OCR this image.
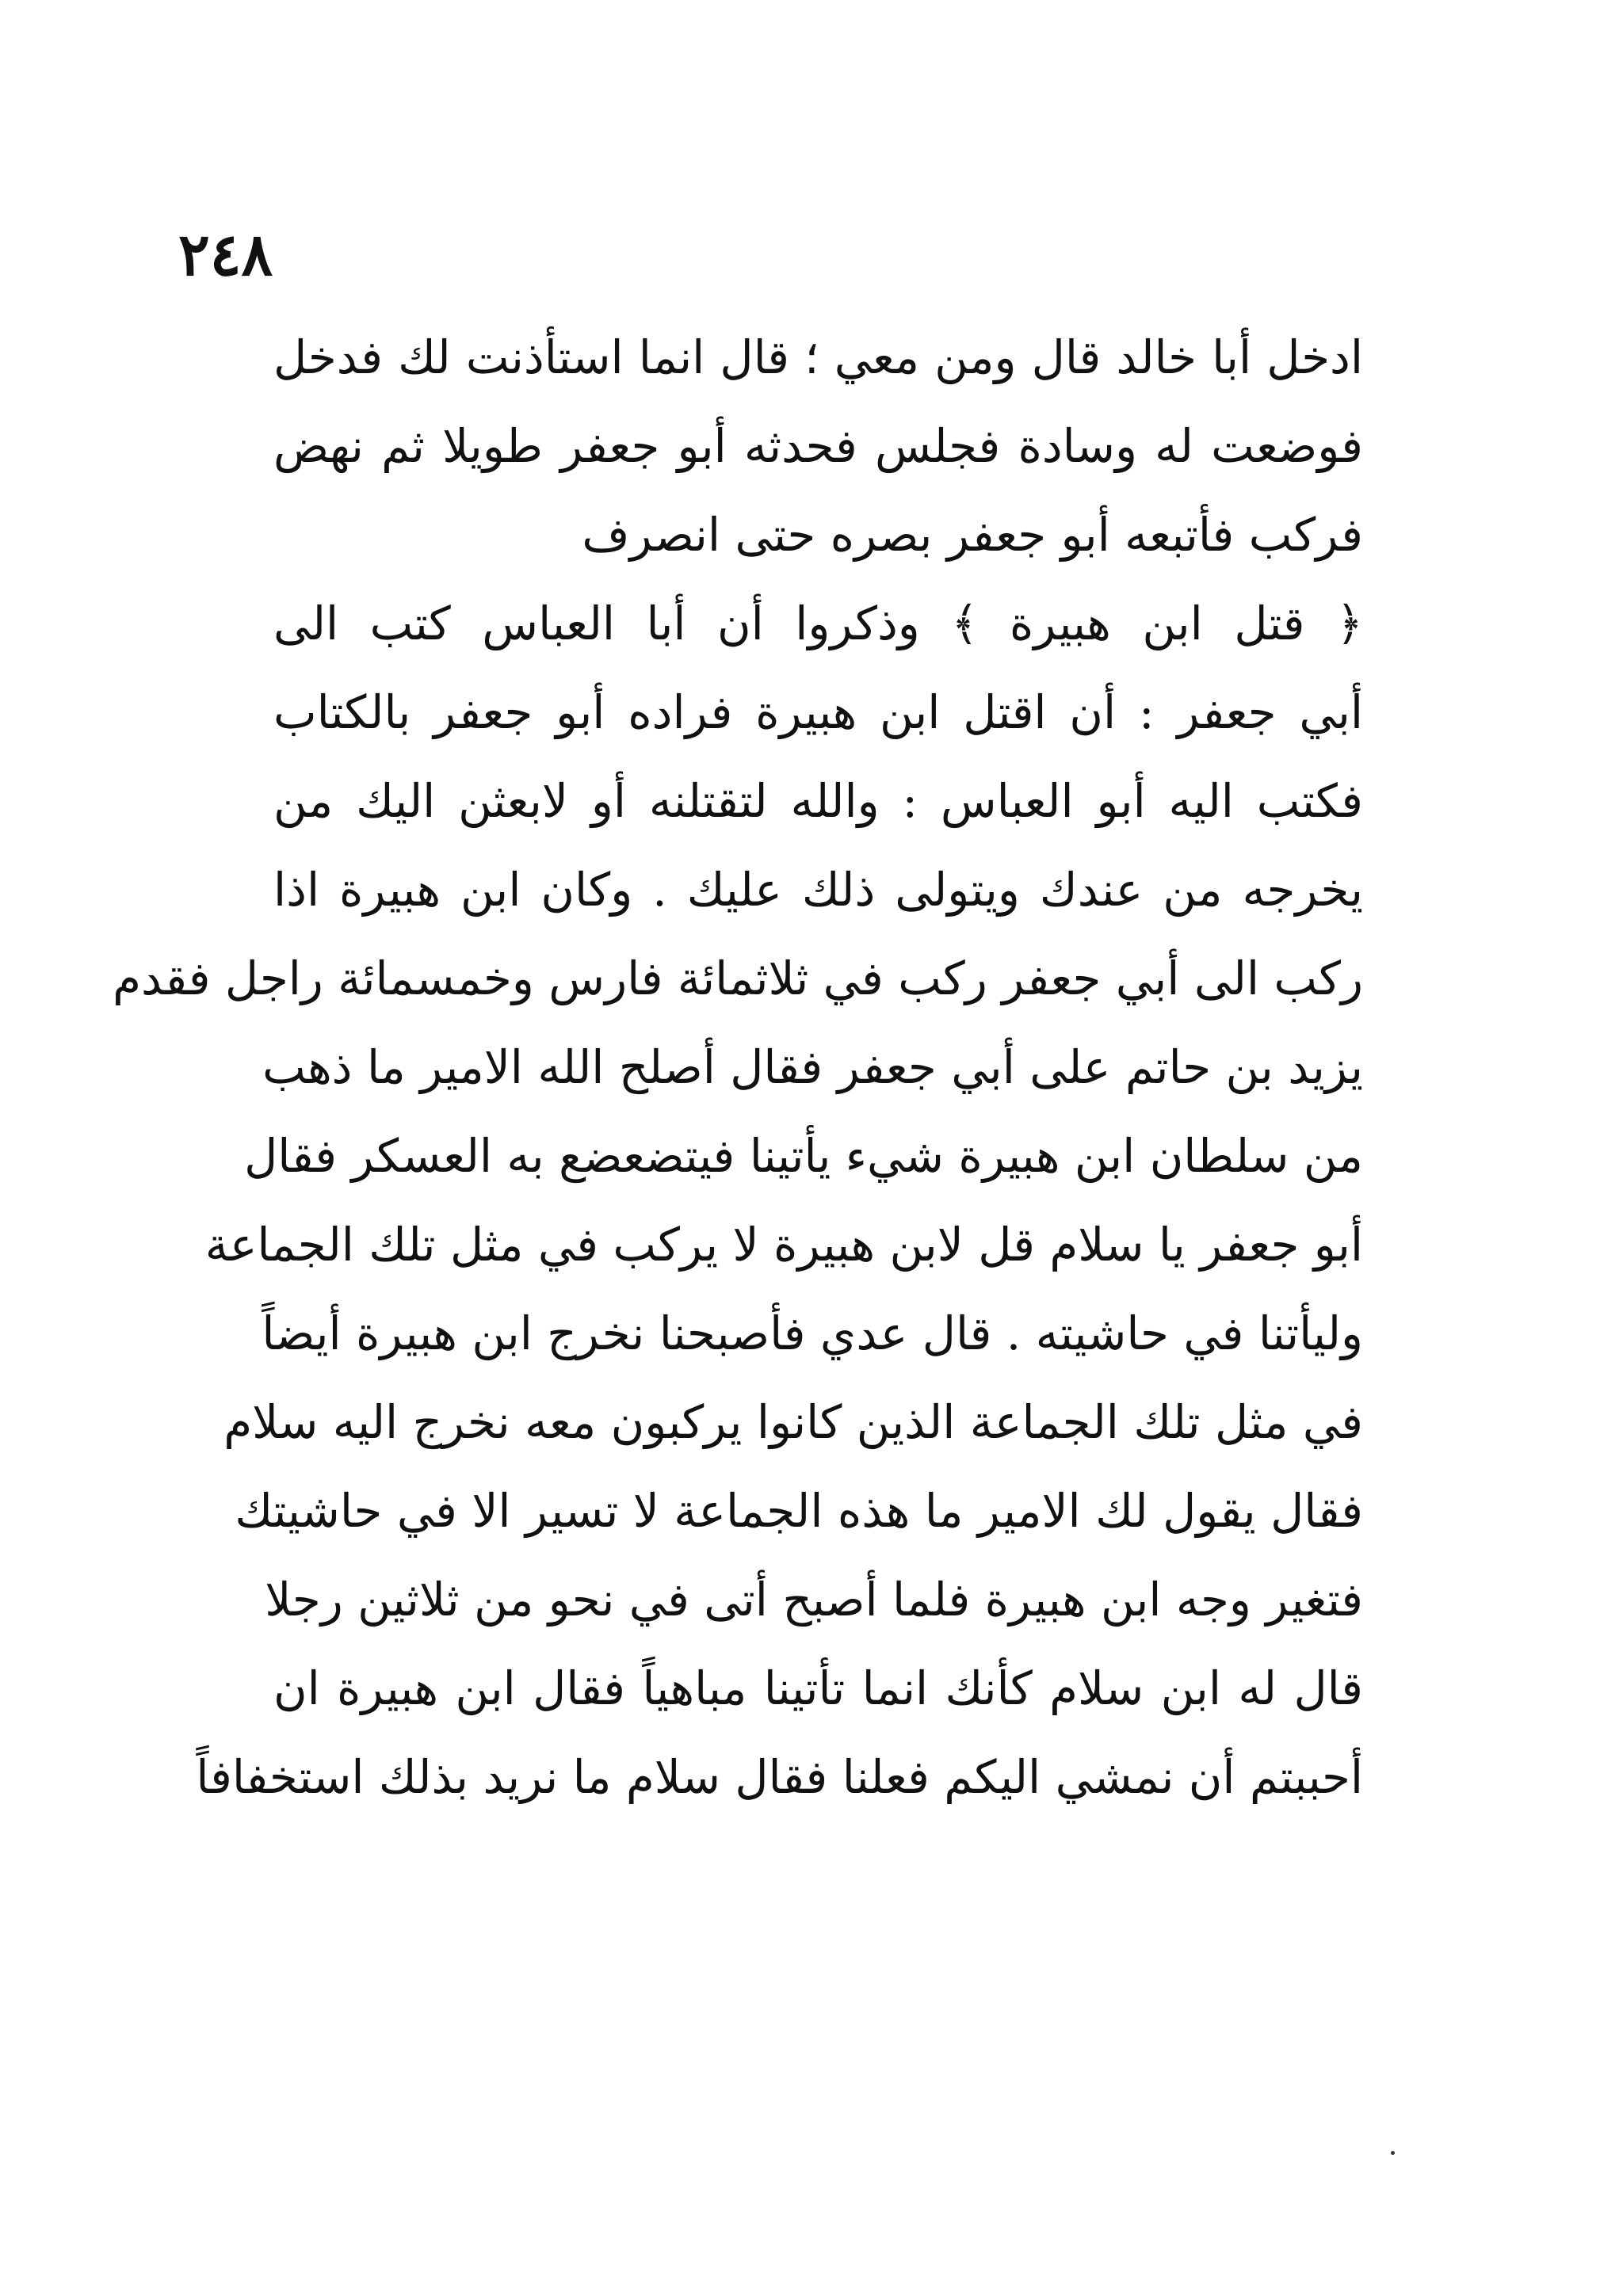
٢٤٨
ادخل أبا خالد قال ومن معي ؛ قال انما استأذنت لك فدخل
فوضعت له وسادة فجلس فحدثه أبو جعفر طويلا ثم نهض
فركب فأتبعه أبو جعفر بصره حتى انصرف
﴿ قتل ابن هبيرة ﴾ وذكروا أن أبا العباس كتب الى
أبي جعفر : أن اقتل ابن هبيرة فراده أبو جعفر بالكتاب
فكتب اليه أبو العباس : والله لتقتلنه أو لابعثن اليك من
يخرجه من عندك ويتولى ذلك عليك . وكان ابن هبيرة اذا
ركب الى أبي جعفر ركب في ثلاثمائة فارس وخمسمائة راجل فقدم
يزيد بن حاتم على أبي جعفر فقال أصلح الله الامير ما ذهب
من سلطان ابن هبيرة شيء يأتينا فيتضعضع به العسكر فقال
أبو جعفر يا سلام قل لابن هبيرة لا يركب في مثل تلك الجماعة
وليأتنا في حاشيته . قال عدي فأصبحنا نخرج ابن هبيرة أيضاً
في مثل تلك الجماعة الذين كانوا يركبون معه نخرج اليه سلام
فقال يقول لك الامير ما هذه الجماعة لا تسير الا في حاشيتك
فتغير وجه ابن هبيرة فلما أصبح أتى في نحو من ثلاثين رجلا
قال له ابن سلام كأنك انما تأتينا مباهياً فقال ابن هبيرة ان
أحببتم أن نمشي اليكم فعلنا فقال سلام ما نريد بذلك استخفافاً
